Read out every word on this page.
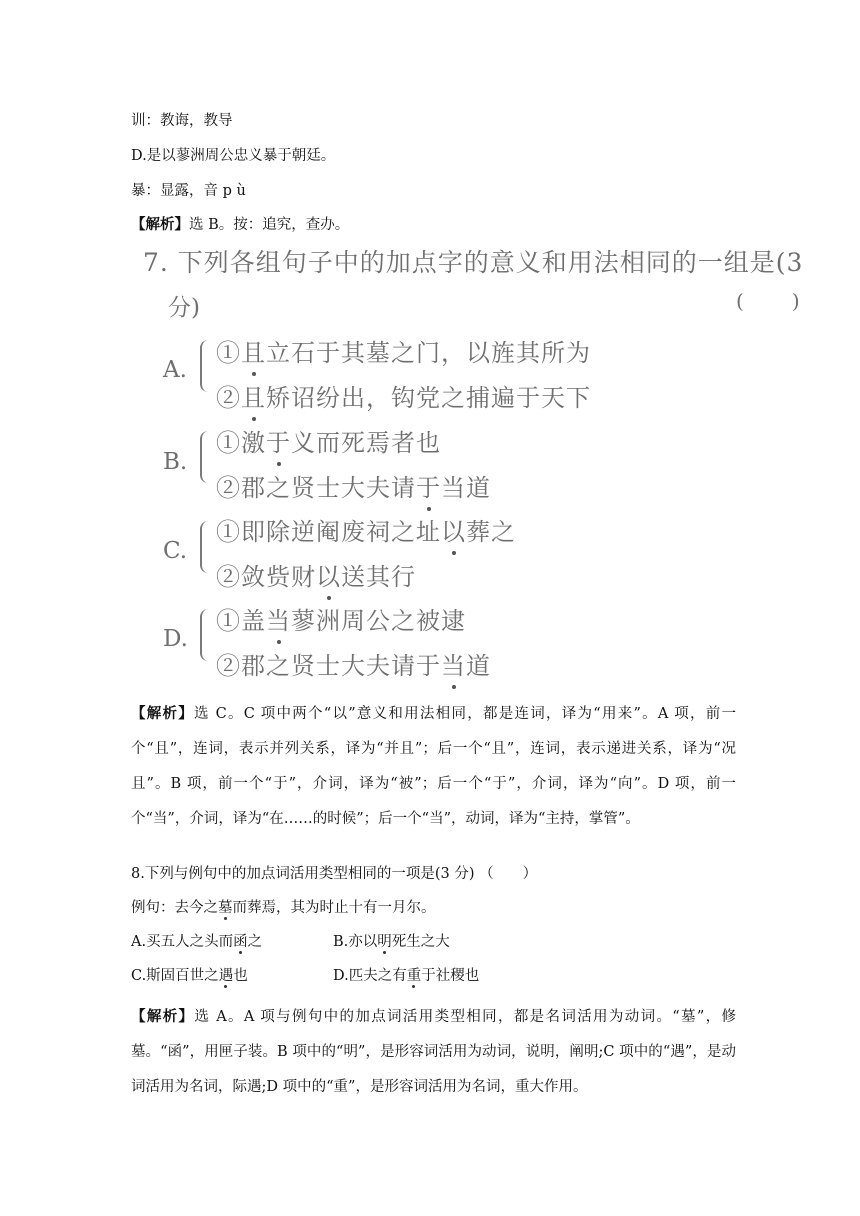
训：教诲，教导
D.是以蓼洲周公忠义暴于朝廷。
暴：显露，音 p ù
【解析】选 B。按：追究，查办。
7. 下列各组句子中的加点字的意义和用法相同的一组是(3
分)	( )
A.
①且立石于其墓之门，以旌其所为
②且矫诏纷出，钩党之捕遍于天下
B.
①激于义而死焉者也
②郡之贤士大夫请于当道
C.
①即除逆阉废祠之址以葬之
②敛赀财以送其行
D.
①盖当蓼洲周公之被逮
②郡之贤士大夫请于当道
【解析】选 C。C 项中两个“以”意义和用法相同，都是连词，译为“用来”。A 项，前一个“且”，连词，表示并列关系，译为“并且”；后一个“且”，连词，表示递进关系，译为“况且”。B 项，前一个“于”，介词，译为“被”；后一个“于”，介词，译为“向”。D 项，前一个“当”，介词，译为“在……的时候”；后一个“当”，动词，译为“主持，掌管”。
8.下列与例句中的加点词活用类型相同的一项是(3 分) （　　）
例句：去今之墓而葬焉，其为时止十有一月尔。
A.买五人之头而函之	B.亦以明死生之大
C.斯固百世之遇也	D.匹夫之有重于社稷也
【解析】选 A。A 项与例句中的加点词活用类型相同，都是名词活用为动词。“墓”，修墓。“函”，用匣子装。B 项中的“明”，是形容词活用为动词，说明，阐明;C 项中的“遇”，是动词活用为名词，际遇;D 项中的“重”，是形容词活用为名词，重大作用。
